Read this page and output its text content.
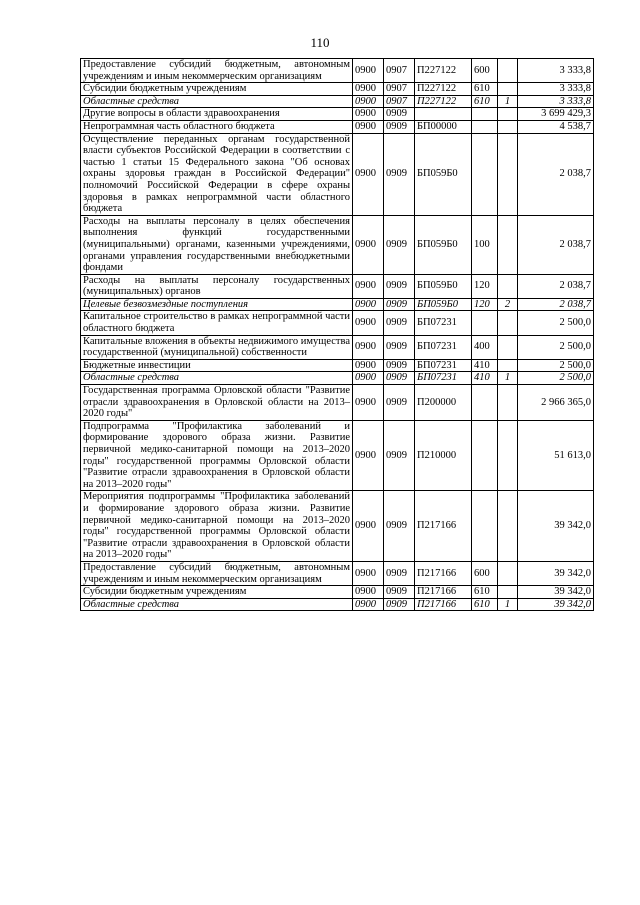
110
Предоставление субсидий бюджетным, автономным учреждениям и иным некоммерческим организациям	0900	0907	П227122	600		3 333,8
Субсидии бюджетным учреждениям	0900	0907	П227122	610		3 333,8
Областные средства	0900	0907	П227122	610	1	3 333,8
Другие вопросы в области здравоохранения	0900	0909				3 699 429,3
Непрограммная часть областного бюджета	0900	0909	БП00000			4 538,7
Осуществление переданных органам государственной власти субъектов Российской Федерации в соответствии с частью 1 статьи 15 Федерального закона "Об основах охраны здоровья граждан в Российской Федерации" полномочий Российской Федерации в сфере охраны здоровья в рамках непрограммной части областного бюджета	0900	0909	БП059Б0			2 038,7
Расходы на выплаты персоналу в целях обеспечения выполнения функций государственными (муниципальными) органами, казенными учреждениями, органами управления государственными внебюджетными фондами	0900	0909	БП059Б0	100		2 038,7
Расходы на выплаты персоналу государственных (муниципальных) органов	0900	0909	БП059Б0	120		2 038,7
Целевые безвозмездные поступления	0900	0909	БП059Б0	120	2	2 038,7
Капитальное строительство в рамках непрограммной части областного бюджета	0900	0909	БП07231			2 500,0
Капитальные вложения в объекты недвижимого имущества государственной (муниципальной) собственности	0900	0909	БП07231	400		2 500,0
Бюджетные инвестиции	0900	0909	БП07231	410		2 500,0
Областные средства	0900	0909	БП07231	410	1	2 500,0
Государственная программа Орловской области "Развитие отрасли здравоохранения в Орловской области на 2013–2020 годы"	0900	0909	П200000			2 966 365,0
Подпрограмма "Профилактика заболеваний и формирование здорового образа жизни. Развитие первичной медико-санитарной помощи на 2013–2020 годы" государственной программы Орловской области "Развитие отрасли здравоохранения в Орловской области на 2013–2020 годы"	0900	0909	П210000			51 613,0
Мероприятия подпрограммы "Профилактика заболеваний и формирование здорового образа жизни. Развитие первичной медико-санитарной помощи на 2013–2020 годы" государственной программы Орловской области "Развитие отрасли здравоохранения в Орловской области на 2013–2020 годы"	0900	0909	П217166			39 342,0
Предоставление субсидий бюджетным, автономным учреждениям и иным некоммерческим организациям	0900	0909	П217166	600		39 342,0
Субсидии бюджетным учреждениям	0900	0909	П217166	610		39 342,0
Областные средства	0900	0909	П217166	610	1	39 342,0
